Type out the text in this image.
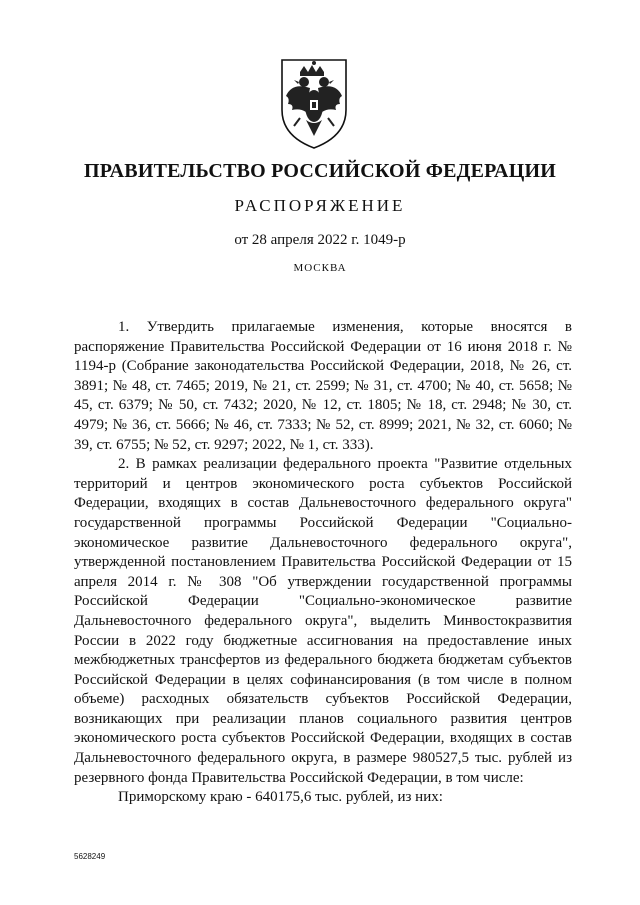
ПРАВИТЕЛЬСТВО РОССИЙСКОЙ ФЕДЕРАЦИИ
РАСПОРЯЖЕНИЕ
от 28 апреля 2022 г. 1049-р
МОСКВА

1. Утвердить прилагаемые изменения, которые вносятся в распоряжение Правительства Российской Федерации от 16 июня 2018 г. № 1194-р (Собрание законодательства Российской Федерации, 2018, № 26, ст. 3891; № 48, ст. 7465; 2019, № 21, ст. 2599; № 31, ст. 4700; № 40, ст. 5658; № 45, ст. 6379; № 50, ст. 7432; 2020, № 12, ст. 1805; № 18, ст. 2948; № 30, ст. 4979; № 36, ст. 5666; № 46, ст. 7333; № 52, ст. 8999; 2021, № 32, ст. 6060; № 39, ст. 6755; № 52, ст. 9297; 2022, № 1, ст. 333).

2. В рамках реализации федерального проекта "Развитие отдельных территорий и центров экономического роста субъектов Российской Федерации, входящих в состав Дальневосточного федерального округа" государственной программы Российской Федерации "Социально-экономическое развитие Дальневосточного федерального округа", утвержденной постановлением Правительства Российской Федерации от 15 апреля 2014 г. № 308 "Об утверждении государственной программы Российской Федерации "Социально-экономическое развитие Дальневосточного федерального округа", выделить Минвостокразвития России в 2022 году бюджетные ассигнования на предоставление иных межбюджетных трансфертов из федерального бюджета бюджетам субъектов Российской Федерации в целях софинансирования (в том числе в полном объеме) расходных обязательств субъектов Российской Федерации, возникающих при реализации планов социального развития центров экономического роста субъектов Российской Федерации, входящих в состав Дальневосточного федерального округа, в размере 980527,5 тыс. рублей из резервного фонда Правительства Российской Федерации, в том числе:

Приморскому краю - 640175,6 тыс. рублей, из них:

5628249
